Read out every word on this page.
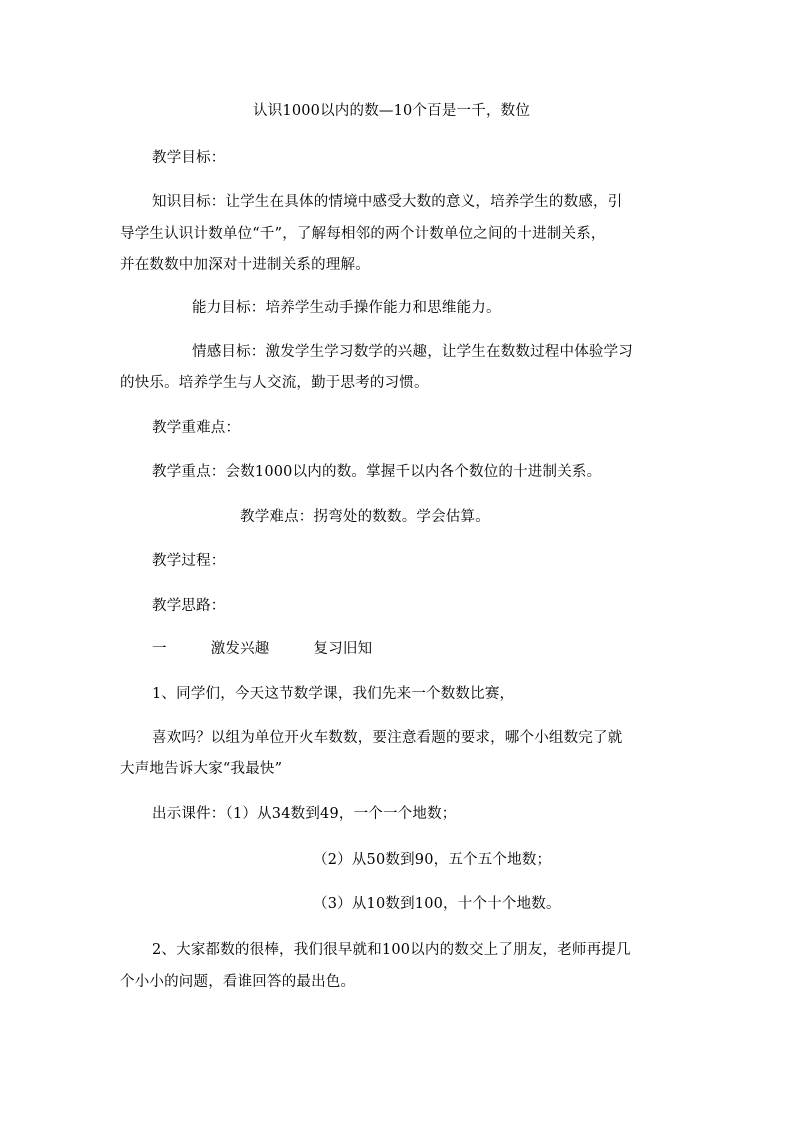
认识1000以内的数—10个百是一千，数位
教学目标：
知识目标：让学生在具体的情境中感受大数的意义，培养学生的数感，引
导学生认识计数单位“千”，了解每相邻的两个计数单位之间的十进制关系，
并在数数中加深对十进制关系的理解。
能力目标：培养学生动手操作能力和思维能力。
情感目标：激发学生学习数学的兴趣，让学生在数数过程中体验学习
的快乐。培养学生与人交流，勤于思考的习惯。
教学重难点：
教学重点：会数1000以内的数。掌握千以内各个数位的十进制关系。
教学难点：拐弯处的数数。学会估算。
教学过程：
教学思路：
一	激发兴趣	复习旧知
1、同学们，今天这节数学课，我们先来一个数数比赛，
喜欢吗？以组为单位开火车数数，要注意看题的要求，哪个小组数完了就
大声地告诉大家“我最快”
出示课件：（1）从34数到49，一个一个地数；
（2）从50数到90，五个五个地数；
（3）从10数到100，十个十个地数。
2、大家都数的很棒，我们很早就和100以内的数交上了朋友，老师再提几
个小小的问题，看谁回答的最出色。
